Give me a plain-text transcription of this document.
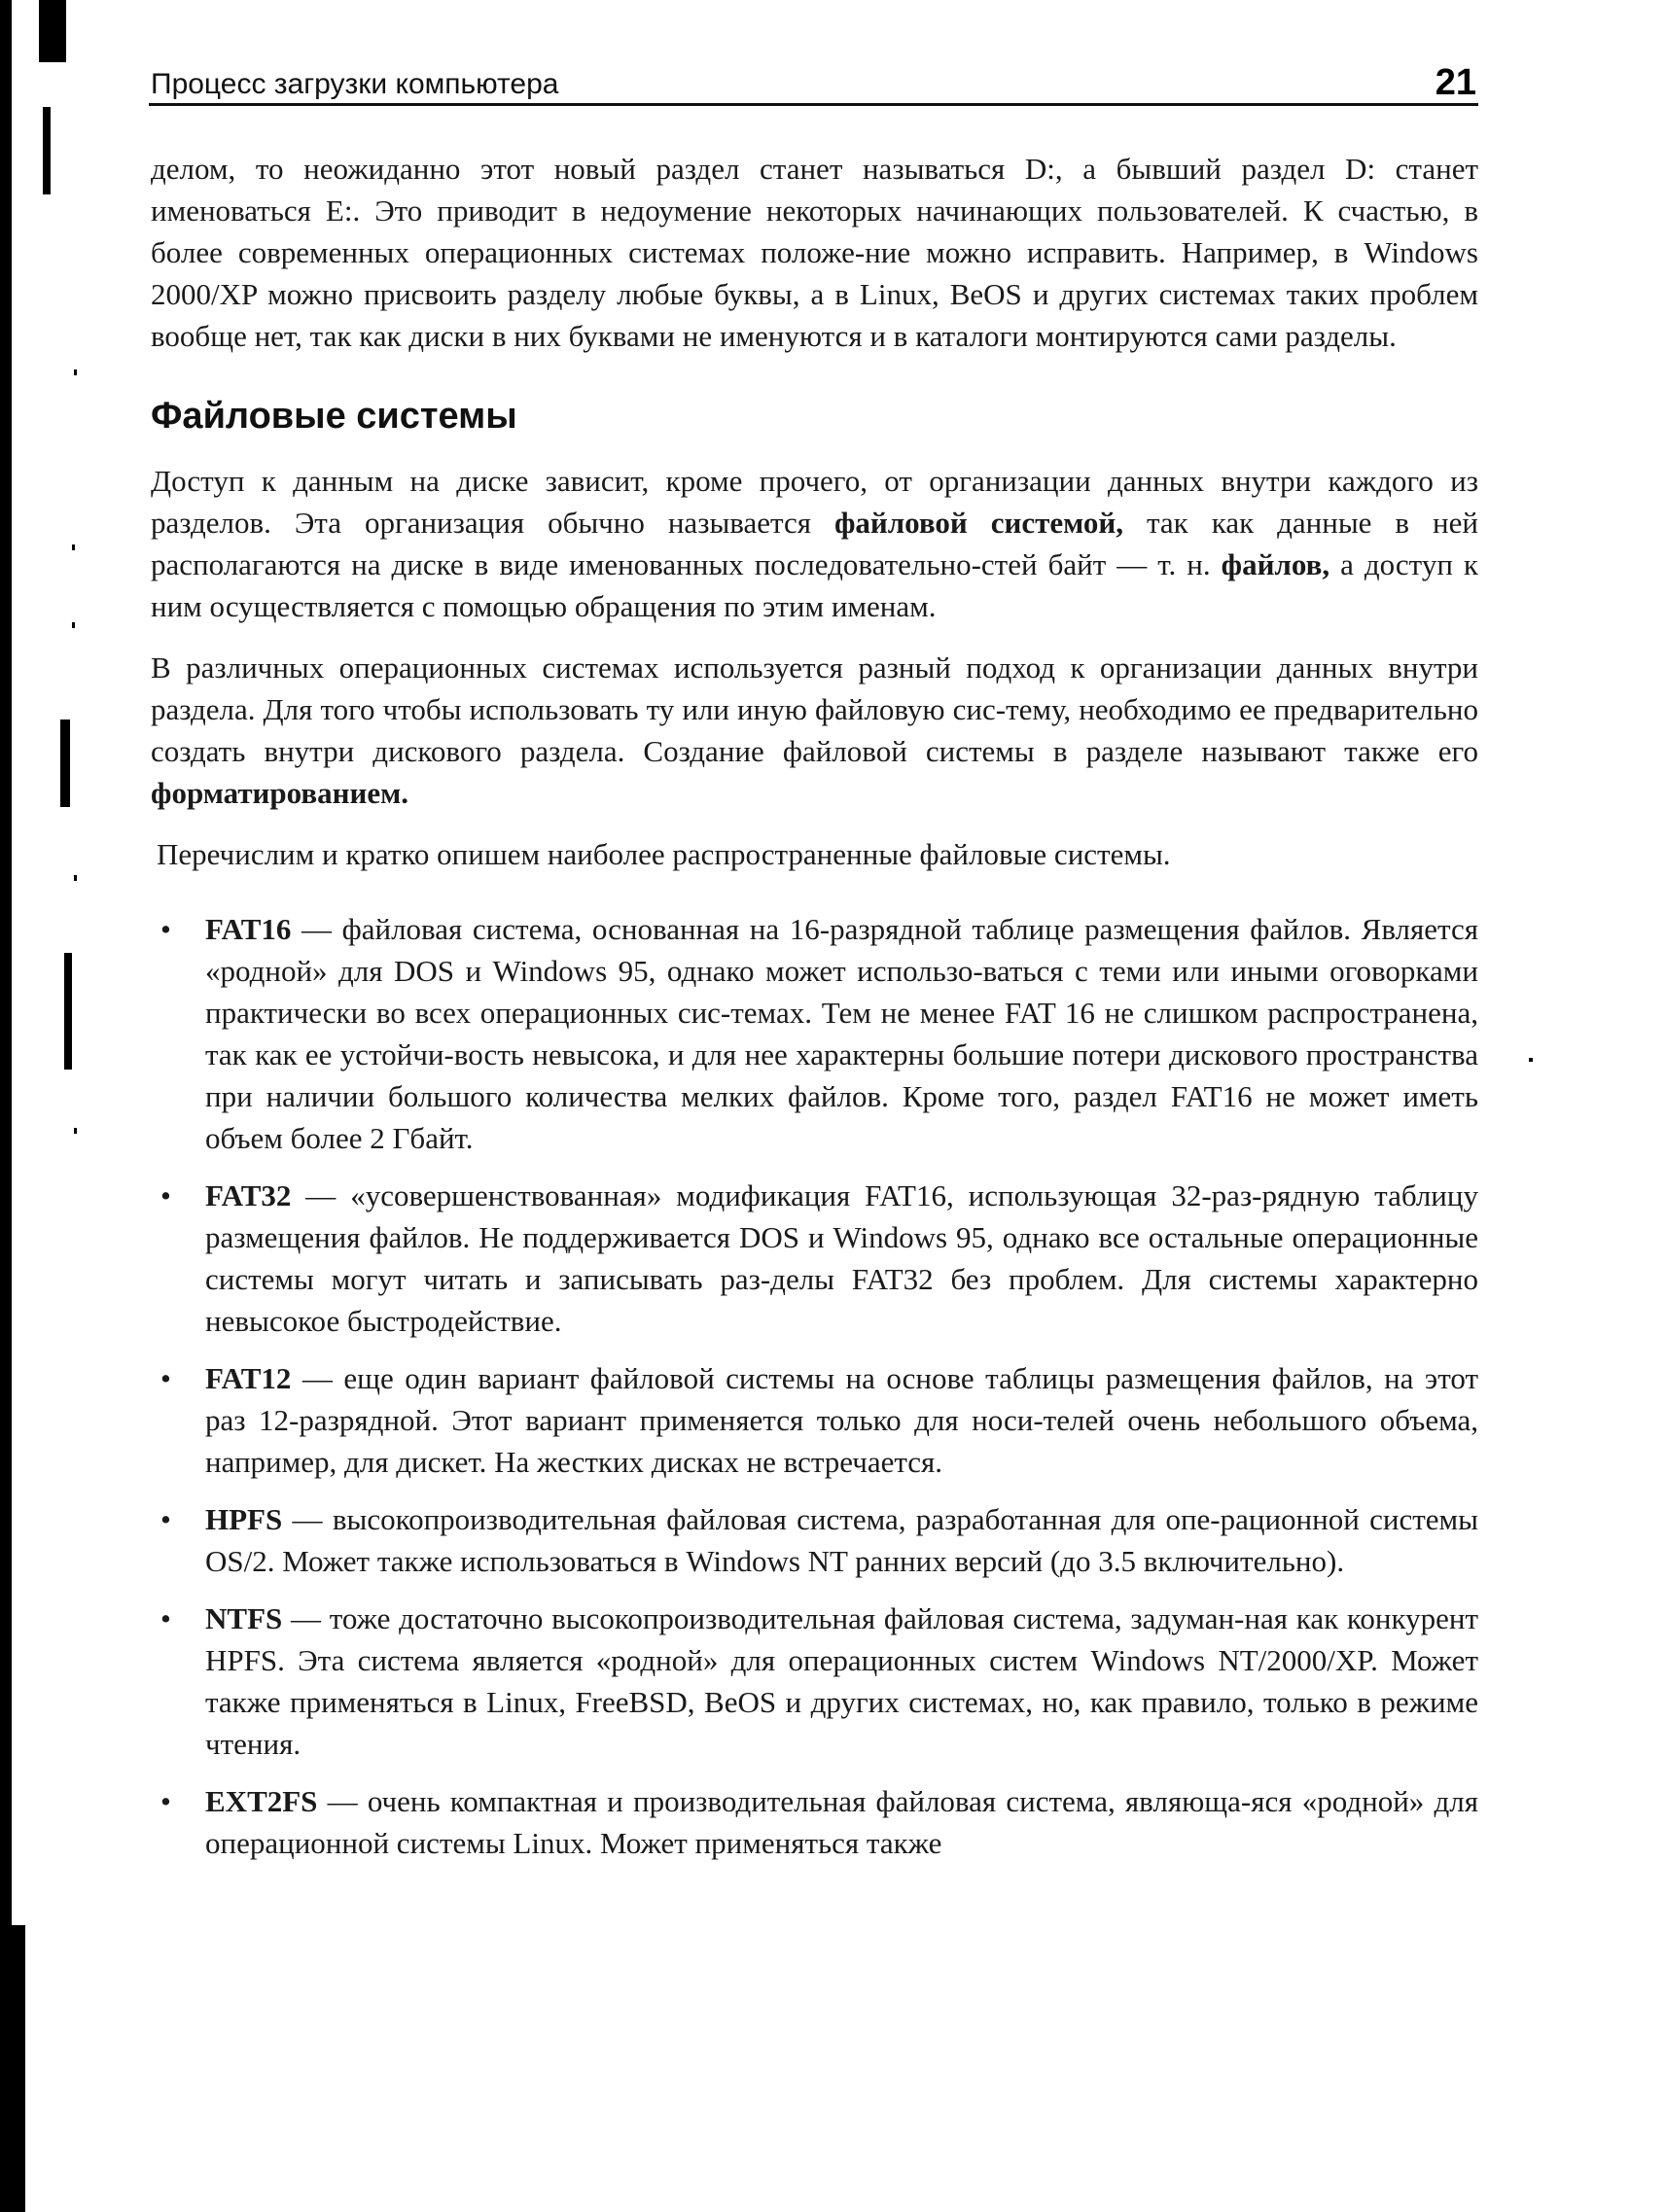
Процесс загрузки компьютера	21

делом, то неожиданно этот новый раздел станет называться D:, а бывший раздел D: станет именоваться Е:. Это приводит в недоумение некоторых начинающих пользователей. К счастью, в более современных операционных системах положе-ние можно исправить. Например, в Windows 2000/XP можно присвоить разделу любые буквы, а в Linux, BeOS и других системах таких проблем вообще нет, так как диски в них буквами не именуются и в каталоги монтируются сами разделы.

Файловые системы

Доступ к данным на диске зависит, кроме прочего, от организации данных внутри каждого из разделов. Эта организация обычно называется файловой системой, так как данные в ней располагаются на диске в виде именованных последовательно-стей байт — т. н. файлов, а доступ к ним осуществляется с помощью обращения по этим именам.

В различных операционных системах используется разный подход к организации данных внутри раздела. Для того чтобы использовать ту или иную файловую сис-тему, необходимо ее предварительно создать внутри дискового раздела. Создание файловой системы в разделе называют также его форматированием.

Перечислим и кратко опишем наиболее распространенные файловые системы.

• FAT16 — файловая система, основанная на 16-разрядной таблице размещения файлов. Является «родной» для DOS и Windows 95, однако может использо-ваться с теми или иными оговорками практически во всех операционных сис-темах. Тем не менее FAT 16 не слишком распространена, так как ее устойчи-вость невысока, и для нее характерны большие потери дискового пространства при наличии большого количества мелких файлов. Кроме того, раздел FAT16 не может иметь объем более 2 Гбайт.
• FAT32 — «усовершенствованная» модификация FAT16, использующая 32-раз-рядную таблицу размещения файлов. Не поддерживается DOS и Windows 95, однако все остальные операционные системы могут читать и записывать раз-делы FAT32 без проблем. Для системы характерно невысокое быстродействие.
• FAT12 — еще один вариант файловой системы на основе таблицы размещения файлов, на этот раз 12-разрядной. Этот вариант применяется только для носи-телей очень небольшого объема, например, для дискет. На жестких дисках не встречается.
• HPFS — высокопроизводительная файловая система, разработанная для опе-рационной системы OS/2. Может также использоваться в Windows NT ранних версий (до 3.5 включительно).
• NTFS — тоже достаточно высокопроизводительная файловая система, задуман-ная как конкурент HPFS. Эта система является «родной» для операционных систем Windows NT/2000/XP. Может также применяться в Linux, FreeBSD, BeOS и других системах, но, как правило, только в режиме чтения.
• EXT2FS — очень компактная и производительная файловая система, являюща-яся «родной» для операционной системы Linux. Может применяться также
